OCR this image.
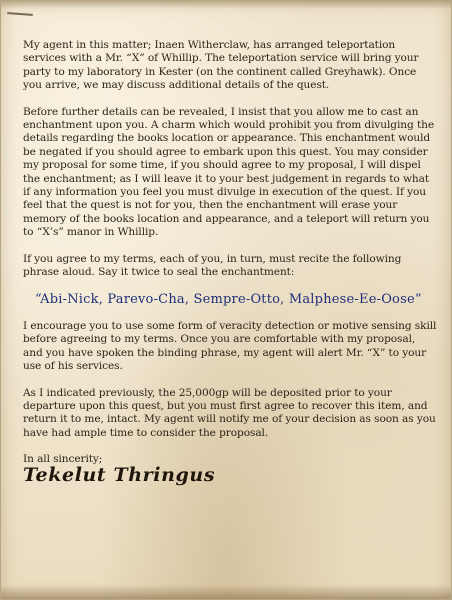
My agent in this matter; Inaen Witherclaw, has arranged teleportation services with a Mr. “X” of Whillip. The teleportation service will bring your party to my laboratory in Kester (on the continent called Greyhawk). Once you arrive, we may discuss additional details of the quest.

Before further details can be revealed, I insist that you allow me to cast an enchantment upon you. A charm which would prohibit you from divulging the details regarding the books location or appearance. This enchantment would be negated if you should agree to embark upon this quest. You may consider my proposal for some time, if you should agree to my proposal, I will dispel the enchantment; as I will leave it to your best judgement in regards to what if any information you feel you must divulge in execution of the quest. If you feel that the quest is not for you, then the enchantment will erase your memory of the books location and appearance, and a teleport will return you to “X’s” manor in Whillip.

If you agree to my terms, each of you, in turn, must recite the following phrase aloud. Say it twice to seal the enchantment:

“Abi-Nick, Parevo-Cha, Sempre-Otto, Malphese-Ee-Oose”

I encourage you to use some form of veracity detection or motive sensing skill before agreeing to my terms. Once you are comfortable with my proposal, and you have spoken the binding phrase, my agent will alert Mr. “X” to your use of his services.

As I indicated previously, the 25,000gp will be deposited prior to your departure upon this quest, but you must first agree to recover this item, and return it to me, intact. My agent will notify me of your decision as soon as you have had ample time to consider the proposal.

In all sincerity;

Tekelut Thringus
